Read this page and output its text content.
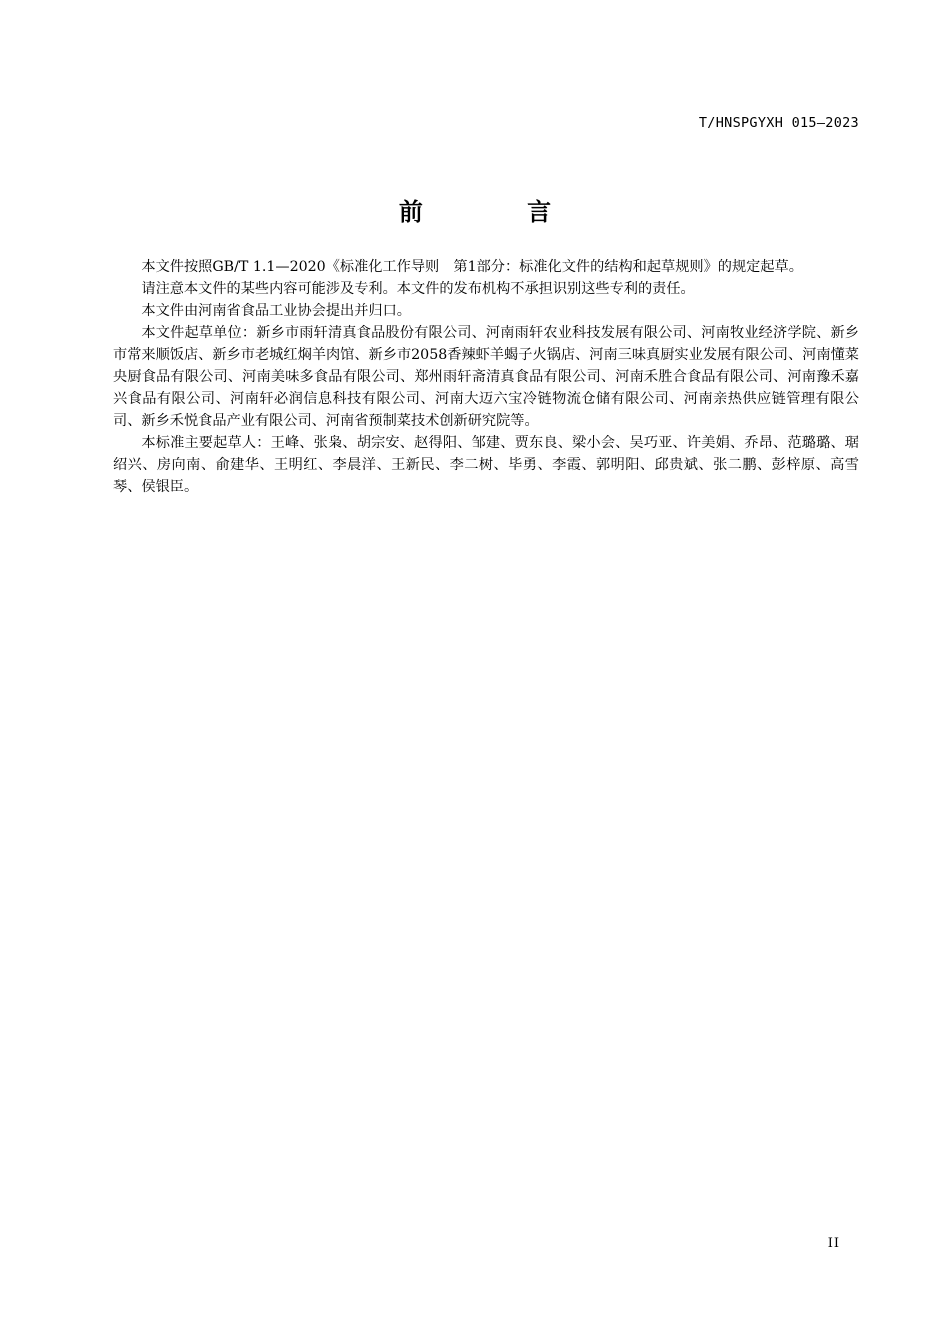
T/HNSPGYXH 015—2023
前 言

本文件按照GB/T 1.1—2020《标准化工作导则　第1部分：标准化文件的结构和起草规则》的规定起草。

请注意本文件的某些内容可能涉及专利。本文件的发布机构不承担识别这些专利的责任。

本文件由河南省食品工业协会提出并归口。

本文件起草单位：新乡市雨轩清真食品股份有限公司、河南雨轩农业科技发展有限公司、河南牧业经济学院、新乡市常来顺饭店、新乡市老城红焖羊肉馆、新乡市2058香辣虾羊蝎子火锅店、河南三味真厨实业发展有限公司、河南懂菜央厨食品有限公司、河南美味多食品有限公司、郑州雨轩斋清真食品有限公司、河南禾胜合食品有限公司、河南豫禾嘉兴食品有限公司、河南轩必润信息科技有限公司、河南大迈六宝冷链物流仓储有限公司、河南亲热供应链管理有限公司、新乡禾悦食品产业有限公司、河南省预制菜技术创新研究院等。

本标准主要起草人：王峰、张枭、胡宗安、赵得阳、邹建、贾东良、梁小会、吴巧亚、许美娟、乔昂、范璐璐、琚绍兴、房向南、俞建华、王明红、李晨洋、王新民、李二树、毕勇、李霞、郭明阳、邱贵斌、张二鹏、彭梓原、高雪琴、侯银臣。

II
